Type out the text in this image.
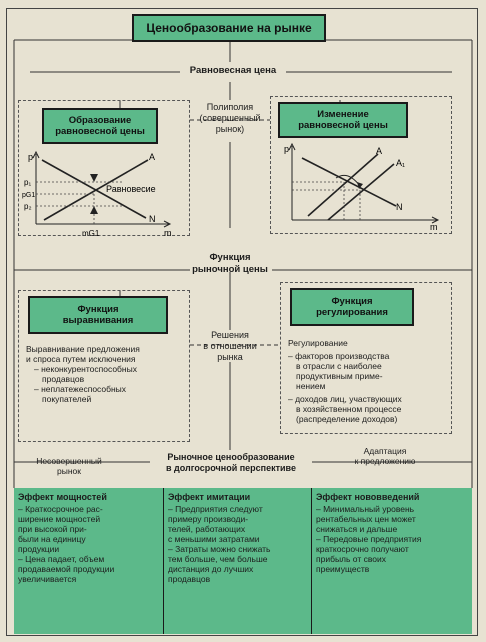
Ценообразование на рынке
Равновесная цена
Образование
равновесной цены
p
m
p₁
pG1
p₂
mG1
A
N
Равновесие
Полиполия
(совершенный
рынок)
Изменение
равновесной цены
p
m
A
A₁
N
Функция
рыночной цены
Функция
выравнивания
Выравнивание предложения
и спроса путем исключения
– неконкурентоспособных
продавцов
– неплатежеспособных
покупателей
Решения
в отношении
рынка
Функция
регулирования
Регулирование
– факторов производства
в отрасли с наиболее
продуктивным приме-
нением
– доходов лиц, участвующих
в хозяйственном процессе
(распределение доходов)
Несовершенный
рынок
Рыночное ценообразование
в долгосрочной перспективе
Адаптация
к предложению
Эффект мощностей
– Краткосрочное рас-
ширение мощностей
при высокой при-
были на единицу
продукции
– Цена падает, объем
продаваемой продукции
увеличивается
Эффект имитации
– Предприятия следуют
примеру производи-
телей, работающих
с меньшими затратами
– Затраты можно снижать
тем больше, чем больше
дистанция до лучших
продавцов
Эффект нововведений
– Минимальный уровень
рентабельных цен может
снижаться и дальше
– Передовые предприятия
краткосрочно получают
прибыль от своих
преимуществ
